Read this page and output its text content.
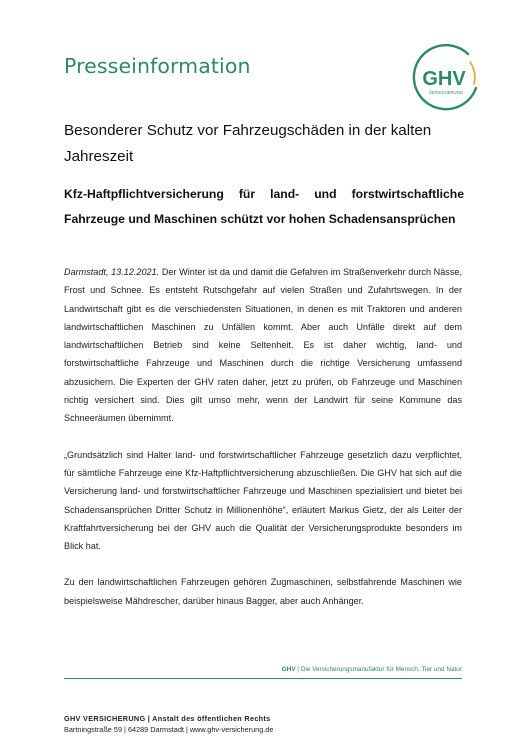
Presseinformation
GHV
VERSICHERUNG
Besonderer Schutz vor Fahrzeugschäden in der kalten Jahreszeit
Kfz-Haftpflichtversicherung für land- und forstwirtschaftliche Fahrzeuge und Maschinen schützt vor hohen Schadensansprüchen

Darmstadt, 13.12.2021. Der Winter ist da und damit die Gefahren im Straßenverkehr durch Nässe, Frost und Schnee. Es entsteht Rutschgefahr auf vielen Straßen und Zufahrtswegen. In der Landwirtschaft gibt es die verschiedensten Situationen, in denen es mit Traktoren und anderen landwirtschaftlichen Maschinen zu Unfällen kommt. Aber auch Unfälle direkt auf dem landwirtschaftlichen Betrieb sind keine Seltenheit. Es ist daher wichtig, land- und forstwirtschaftliche Fahrzeuge und Maschinen durch die richtige Versicherung umfassend abzusichern. Die Experten der GHV raten daher, jetzt zu prüfen, ob Fahrzeuge und Maschinen richtig versichert sind. Dies gilt umso mehr, wenn der Landwirt für seine Kommune das Schneeräumen übernimmt.

„Grundsätzlich sind Halter land- und forstwirtschaftlicher Fahrzeuge gesetzlich dazu verpflichtet, für sämtliche Fahrzeuge eine Kfz-Haftpflichtversicherung abzuschließen. Die GHV hat sich auf die Versicherung land- und forstwirtschaftlicher Fahrzeuge und Maschinen spezialisiert und bietet bei Schadensansprüchen Dritter Schutz in Millionenhöhe“, erläutert Markus Gietz, der als Leiter der Kraftfahrtversicherung bei der GHV auch die Qualität der Versicherungsprodukte besonders im Blick hat.

Zu den landwirtschaftlichen Fahrzeugen gehören Zugmaschinen, selbstfahrende Maschinen wie beispielsweise Mähdrescher, darüber hinaus Bagger, aber auch Anhänger.

GHV | Die Versicherungsmanufaktur für Mensch, Tier und Natur
GHV VERSICHERUNG | Anstalt des öffentlichen Rechts
Bartningstraße 59 | 64289 Darmstadt | www.ghv-versicherung.de
